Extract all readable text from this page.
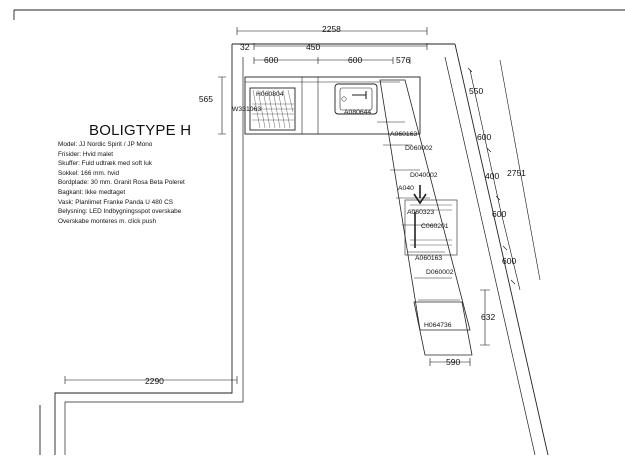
2258
32	450
600	600	576
565
550
600
400
600
600
2751
632
590
2290
H060804
W331063	A080644
A060163
D060002
D040002
A040
A060323
C060201
A060163
D060002
H064736
BOLIGTYPE H
Model: JJ Nordic Spirit / JP Mono
Frisider: Hvid malet
Skuffer: Fuld udtræk med soft luk
Sokkel: 166 mm. hvid
Bordplade: 30 mm. Granit Rosa Beta Poleret
Bagkant: Ikke medtaget
Vask: Planlimet Franke Panda U 480 CS
Belysning: LED Indbygningsspot overskabe
Overskabe monteres m. click push
